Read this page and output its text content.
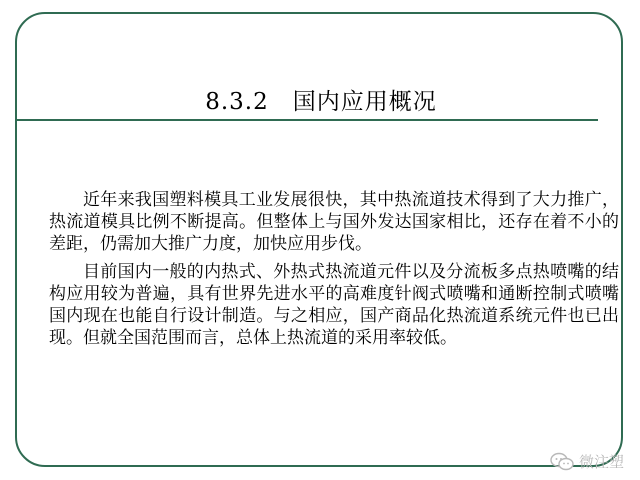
8.3.2　国内应用概况

近年来我国塑料模具工业发展很快，其中热流道技术得到了大力推广，热流道模具比例不断提高。但整体上与国外发达国家相比，还存在着不小的差距，仍需加大推广力度，加快应用步伐。

目前国内一般的内热式、外热式热流道元件以及分流板多点热喷嘴的结构应用较为普遍，具有世界先进水平的高难度针阀式喷嘴和通断控制式喷嘴 国内现在也能自行设计制造。与之相应，国产商品化热流道系统元件也已出现。但就全国范围而言，总体上热流道的采用率较低。

微注塑
